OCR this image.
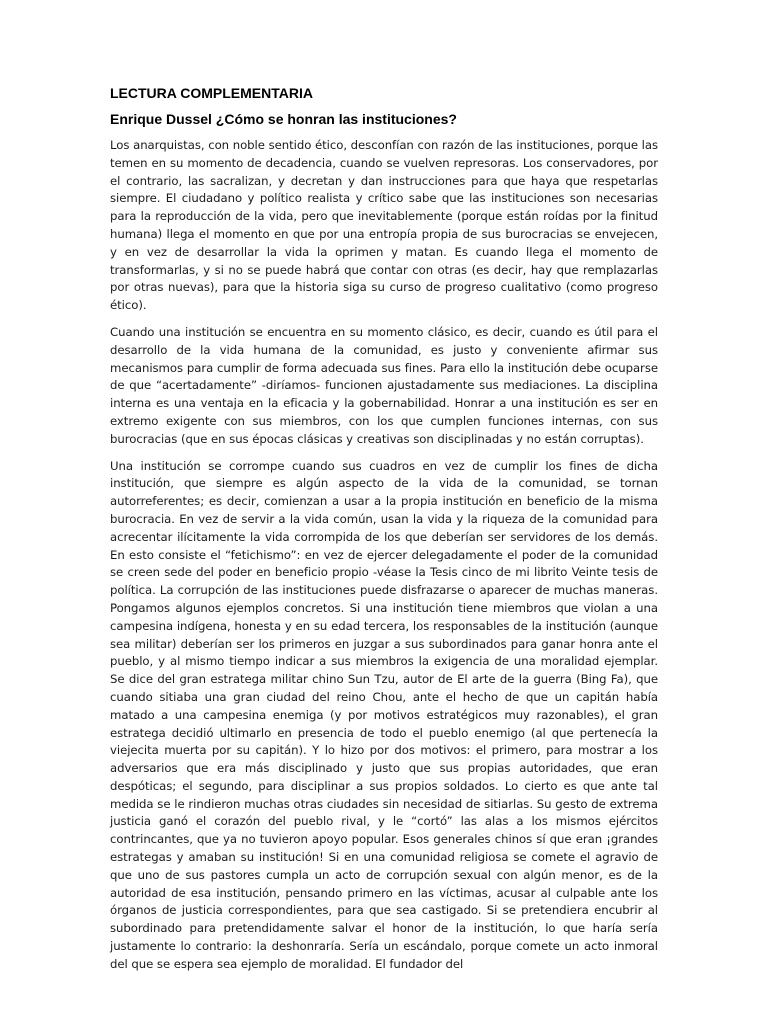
LECTURA COMPLEMENTARIA
Enrique Dussel ¿Cómo se honran las instituciones?

Los anarquistas, con noble sentido ético, desconfían con razón de las instituciones, porque las temen en su momento de decadencia, cuando se vuelven represoras. Los conservadores, por el contrario, las sacralizan, y decretan y dan instrucciones para que haya que respetarlas siempre. El ciudadano y político realista y crítico sabe que las instituciones son necesarias para la reproducción de la vida, pero que inevitablemente (porque están roídas por la finitud humana) llega el momento en que por una entropía propia de sus burocracias se envejecen, y en vez de desarrollar la vida la oprimen y matan. Es cuando llega el momento de transformarlas, y si no se puede habrá que contar con otras (es decir, hay que remplazarlas por otras nuevas), para que la historia siga su curso de progreso cualitativo (como progreso ético).

Cuando una institución se encuentra en su momento clásico, es decir, cuando es útil para el desarrollo de la vida humana de la comunidad, es justo y conveniente afirmar sus mecanismos para cumplir de forma adecuada sus fines. Para ello la institución debe ocuparse de que “acertadamente” -diríamos- funcionen ajustadamente sus mediaciones. La disciplina interna es una ventaja en la eficacia y la gobernabilidad. Honrar a una institución es ser en extremo exigente con sus miembros, con los que cumplen funciones internas, con sus burocracias (que en sus épocas clásicas y creativas son disciplinadas y no están corruptas).

Una institución se corrompe cuando sus cuadros en vez de cumplir los fines de dicha institución, que siempre es algún aspecto de la vida de la comunidad, se tornan autorreferentes; es decir, comienzan a usar a la propia institución en beneficio de la misma burocracia. En vez de servir a la vida común, usan la vida y la riqueza de la comunidad para acrecentar ilícitamente la vida corrompida de los que deberían ser servidores de los demás. En esto consiste el “fetichismo”: en vez de ejercer delegadamente el poder de la comunidad se creen sede del poder en beneficio propio -véase la Tesis cinco de mi librito Veinte tesis de política. La corrupción de las instituciones puede disfrazarse o aparecer de muchas maneras. Pongamos algunos ejemplos concretos. Si una institución tiene miembros que violan a una campesina indígena, honesta y en su edad tercera, los responsables de la institución (aunque sea militar) deberían ser los primeros en juzgar a sus subordinados para ganar honra ante el pueblo, y al mismo tiempo indicar a sus miembros la exigencia de una moralidad ejemplar. Se dice del gran estratega militar chino Sun Tzu, autor de El arte de la guerra (Bing Fa), que cuando sitiaba una gran ciudad del reino Chou, ante el hecho de que un capitán había matado a una campesina enemiga (y por motivos estratégicos muy razonables), el gran estratega decidió ultimarlo en presencia de todo el pueblo enemigo (al que pertenecía la viejecita muerta por su capitán). Y lo hizo por dos motivos: el primero, para mostrar a los adversarios que era más disciplinado y justo que sus propias autoridades, que eran despóticas; el segundo, para disciplinar a sus propios soldados. Lo cierto es que ante tal medida se le rindieron muchas otras ciudades sin necesidad de sitiarlas. Su gesto de extrema justicia ganó el corazón del pueblo rival, y le “cortó” las alas a los mismos ejércitos contrincantes, que ya no tuvieron apoyo popular. Esos generales chinos sí que eran ¡grandes estrategas y amaban su institución! Si en una comunidad religiosa se comete el agravio de que uno de sus pastores cumpla un acto de corrupción sexual con algún menor, es de la autoridad de esa institución, pensando primero en las víctimas, acusar al culpable ante los órganos de justicia correspondientes, para que sea castigado. Si se pretendiera encubrir al subordinado para pretendidamente salvar el honor de la institución, lo que haría sería justamente lo contrario: la deshonraría. Sería un escándalo, porque comete un acto inmoral del que se espera sea ejemplo de moralidad. El fundador del
